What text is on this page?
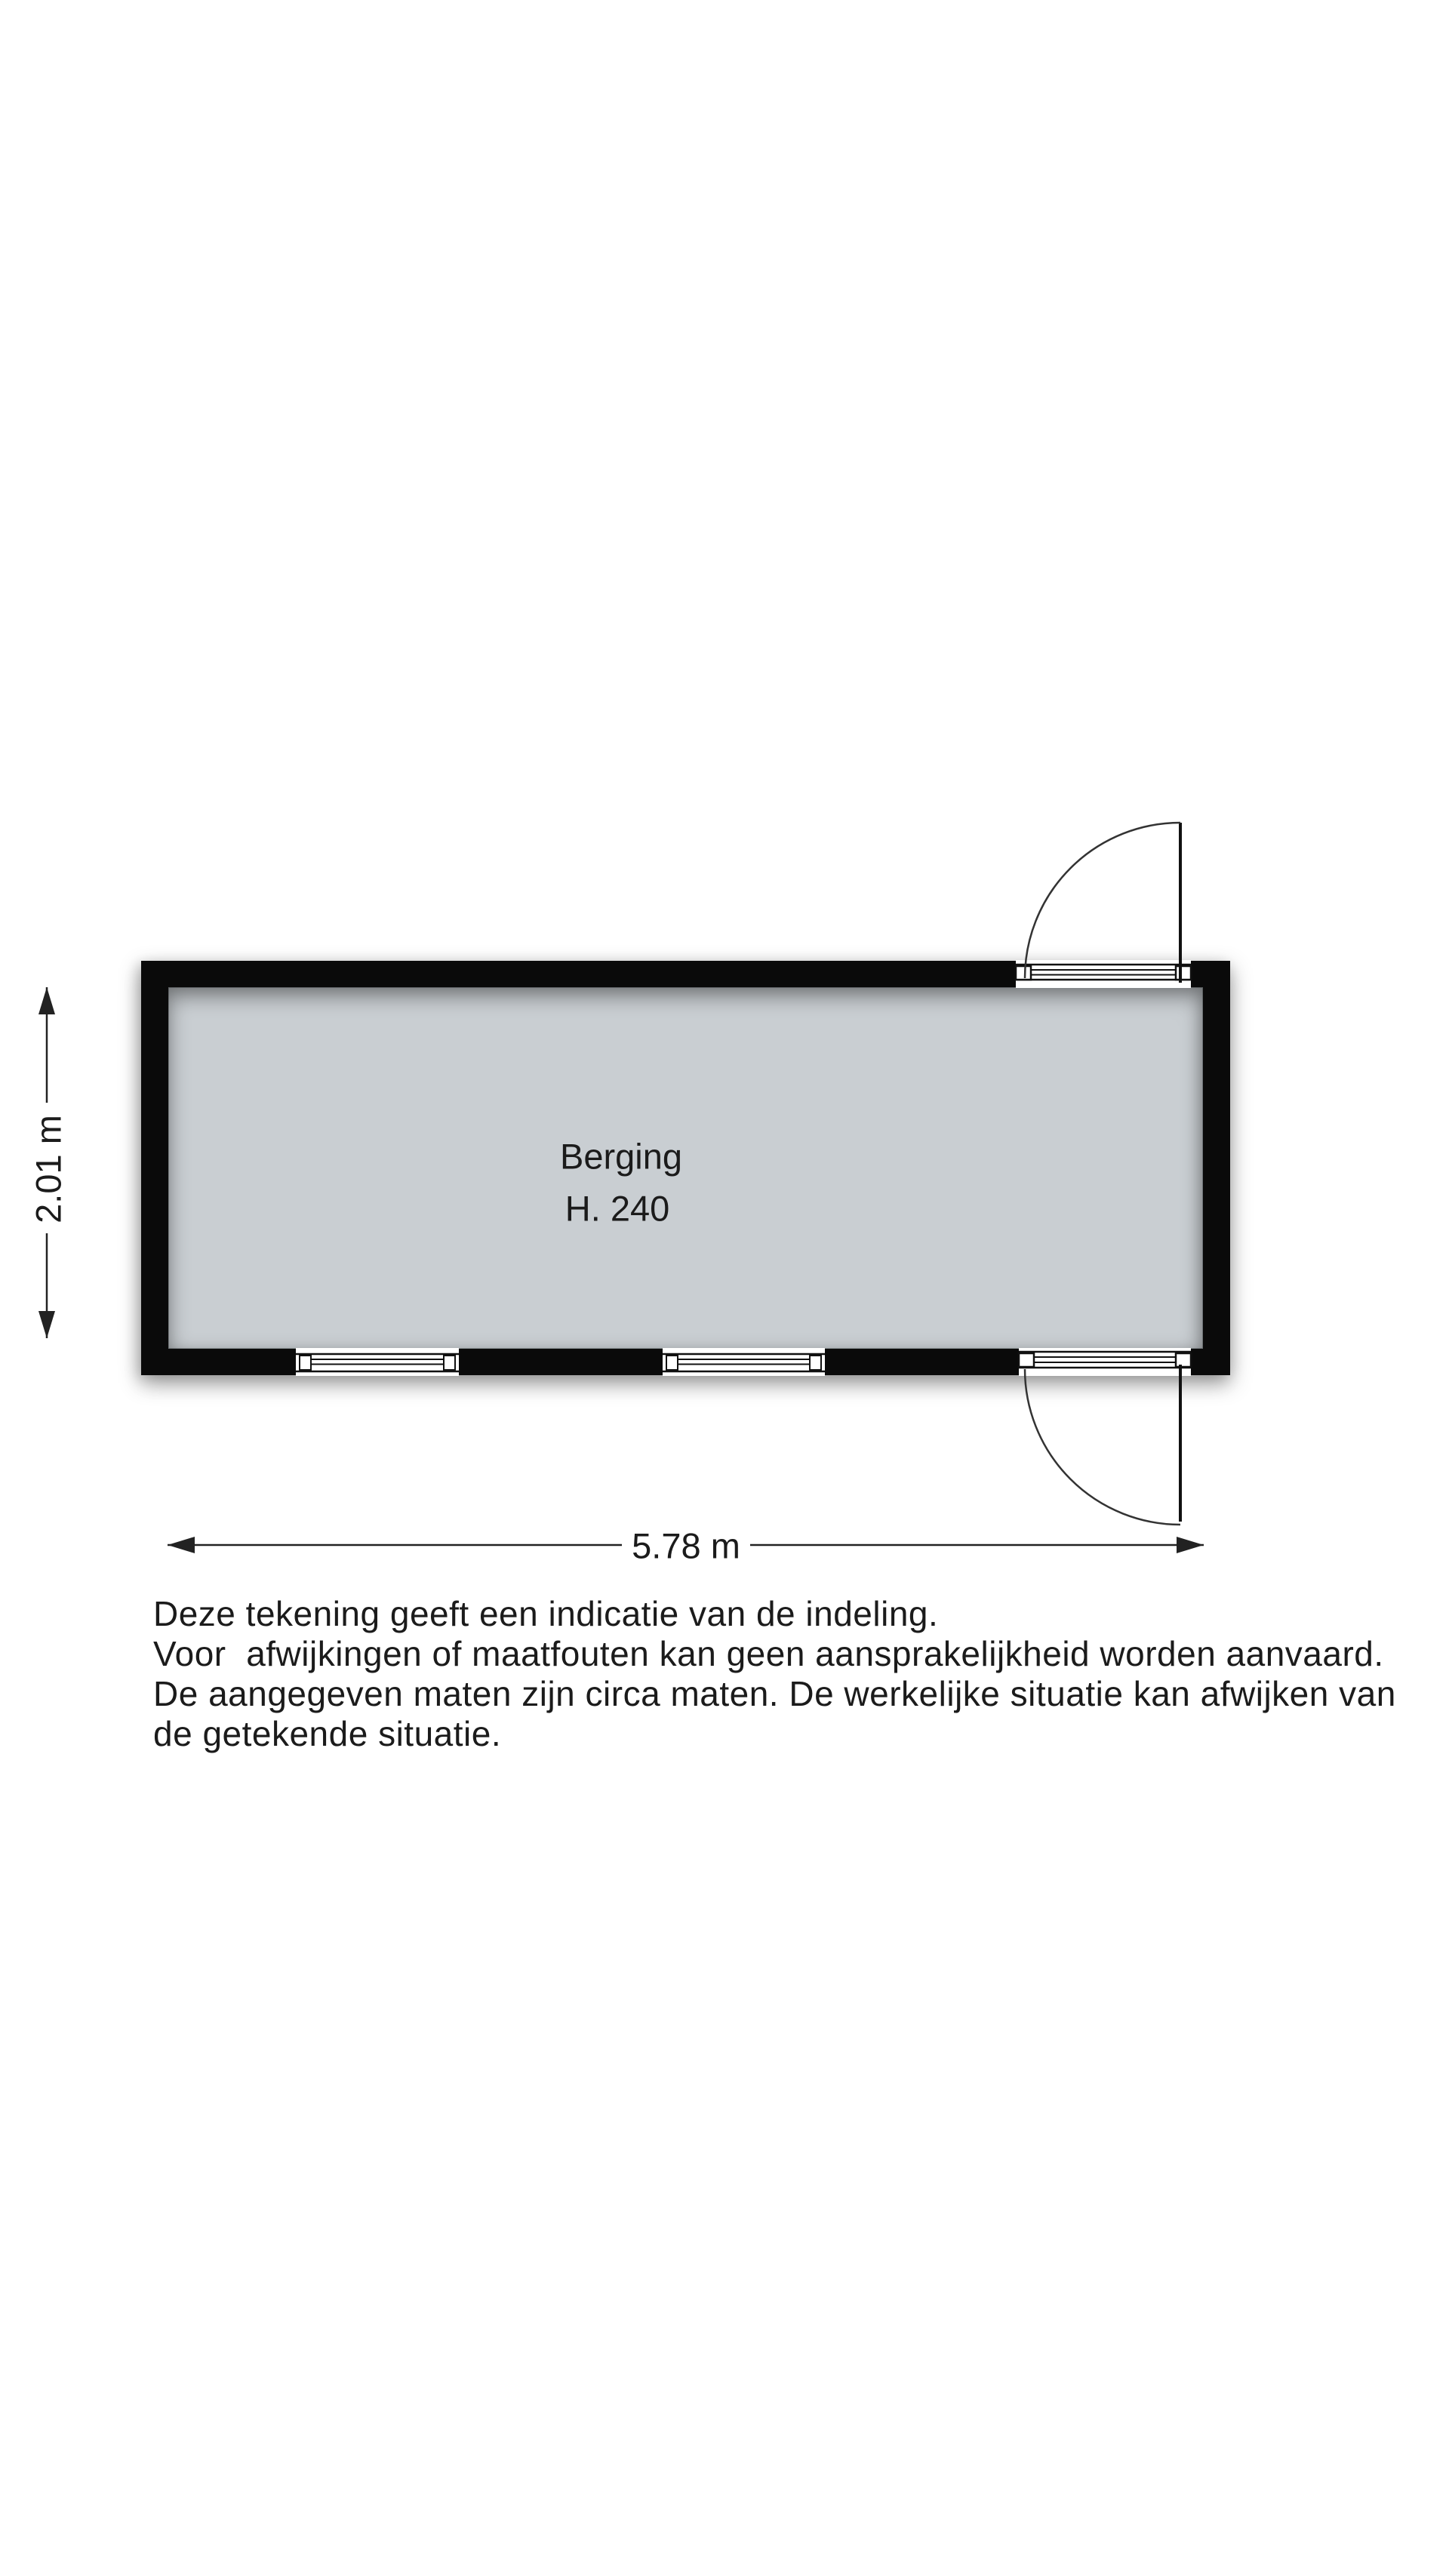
Berging
H. 240
5.78 m
2.01 m
Deze tekening geeft een indicatie van de indeling.
Voor  afwijkingen of maatfouten kan geen aansprakelijkheid worden aanvaard.
De aangegeven maten zijn circa maten. De werkelijke situatie kan afwijken van
de getekende situatie.
